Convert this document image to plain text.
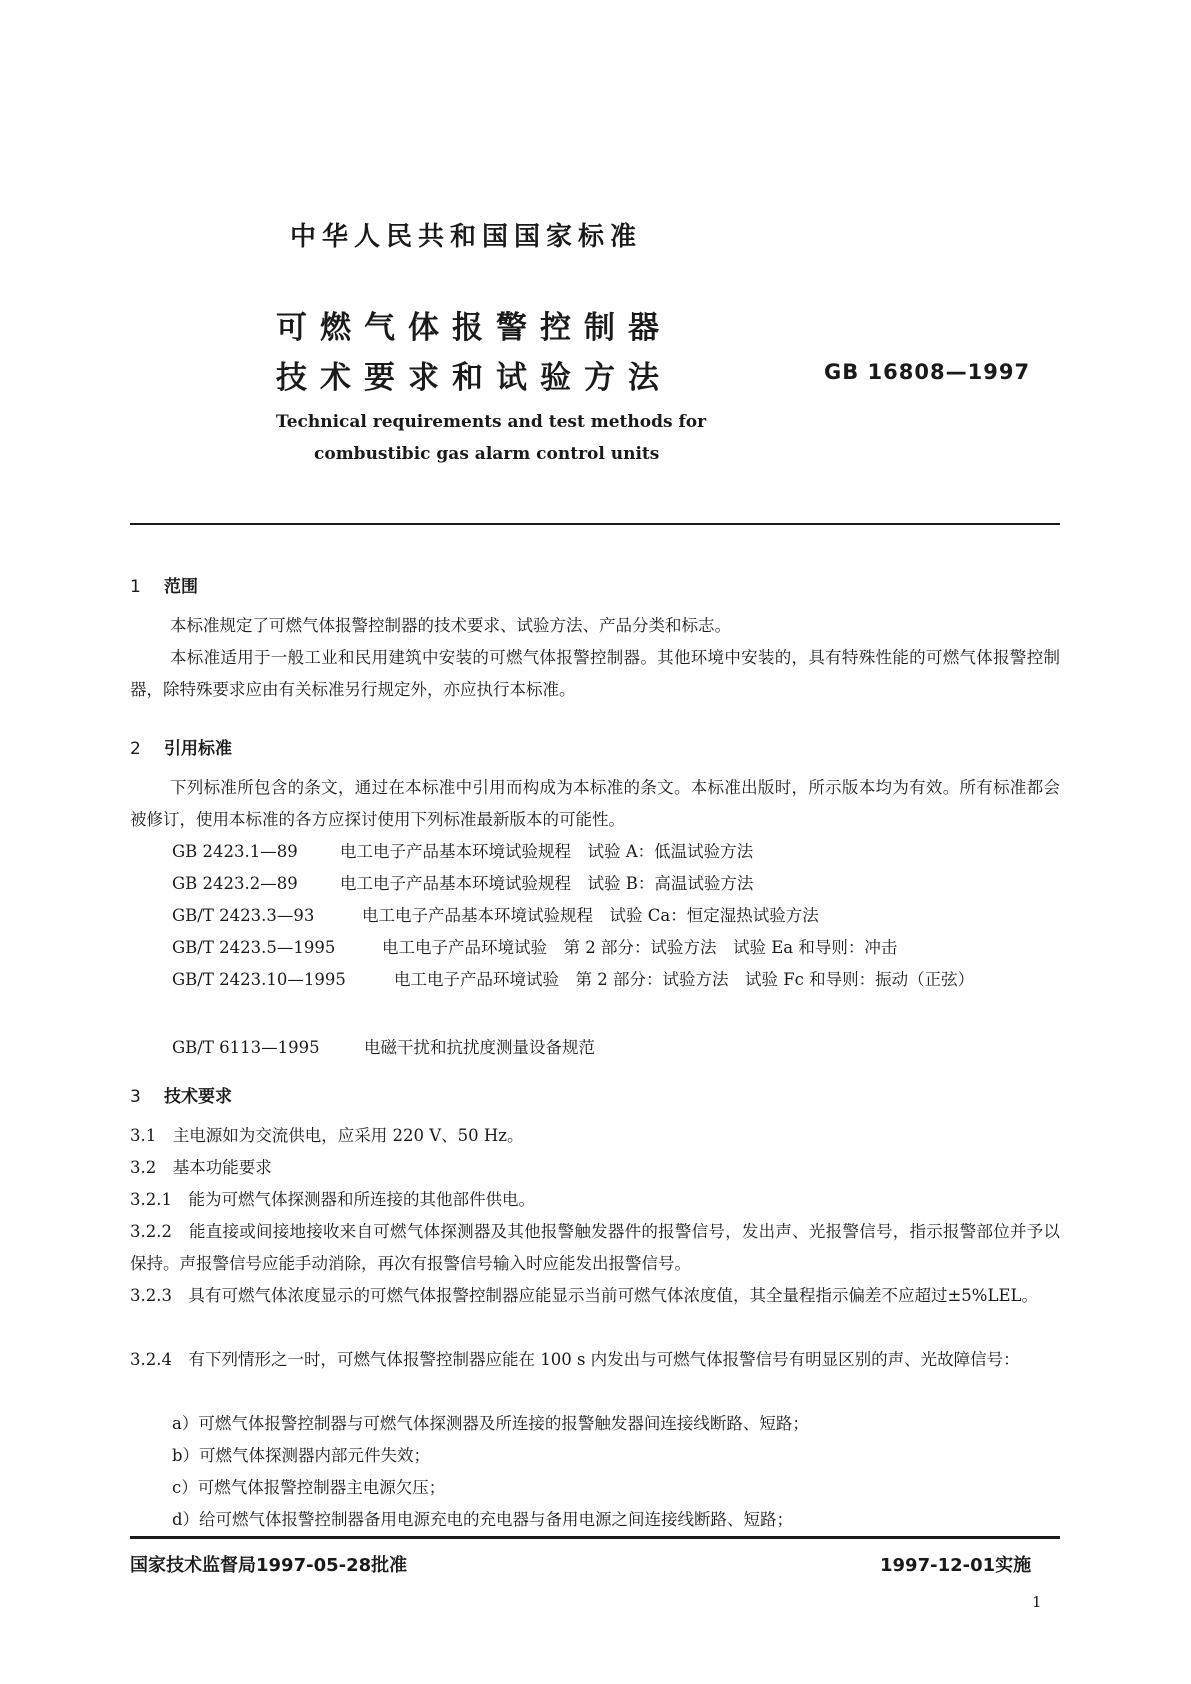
中华人民共和国国家标准
可燃气体报警控制器
技术要求和试验方法	GB 16808—1997
Technical requirements and test methods for
combustibic gas alarm control units
1 范围
本标准规定了可燃气体报警控制器的技术要求、试验方法、产品分类和标志。
本标准适用于一般工业和民用建筑中安装的可燃气体报警控制器。其他环境中安装的，具有特殊性能的可燃气体报警控制器，除特殊要求应由有关标准另行规定外，亦应执行本标准。
2 引用标准
下列标准所包含的条文，通过在本标准中引用而构成为本标准的条文。本标准出版时，所示版本均为有效。所有标准都会被修订，使用本标准的各方应探讨使用下列标准最新版本的可能性。
GB 2423.1—89	电工电子产品基本环境试验规程　试验 A：低温试验方法
GB 2423.2—89	电工电子产品基本环境试验规程　试验 B：高温试验方法
GB/T 2423.3—93	电工电子产品基本环境试验规程　试验 Ca：恒定湿热试验方法
GB/T 2423.5—1995	电工电子产品环境试验　第 2 部分：试验方法　试验 Ea 和导则：冲击
GB/T 2423.10—1995	电工电子产品环境试验　第 2 部分：试验方法　试验 Fc 和导则：振动（正弦）
GB/T 6113—1995	电磁干扰和抗扰度测量设备规范
3 技术要求
3.1　主电源如为交流供电，应采用 220 V、50 Hz。
3.2　基本功能要求
3.2.1　能为可燃气体探测器和所连接的其他部件供电。
3.2.2　能直接或间接地接收来自可燃气体探测器及其他报警触发器件的报警信号，发出声、光报警信号，指示报警部位并予以保持。声报警信号应能手动消除，再次有报警信号输入时应能发出报警信号。
3.2.3　具有可燃气体浓度显示的可燃气体报警控制器应能显示当前可燃气体浓度值，其全量程指示偏差不应超过±5%LEL。
3.2.4　有下列情形之一时，可燃气体报警控制器应能在 100 s 内发出与可燃气体报警信号有明显区别的声、光故障信号：
a）可燃气体报警控制器与可燃气体探测器及所连接的报警触发器间连接线断路、短路；
b）可燃气体探测器内部元件失效；
c）可燃气体报警控制器主电源欠压；
d）给可燃气体报警控制器备用电源充电的充电器与备用电源之间连接线断路、短路；
国家技术监督局1997-05-28批准	1997-12-01实施
1
